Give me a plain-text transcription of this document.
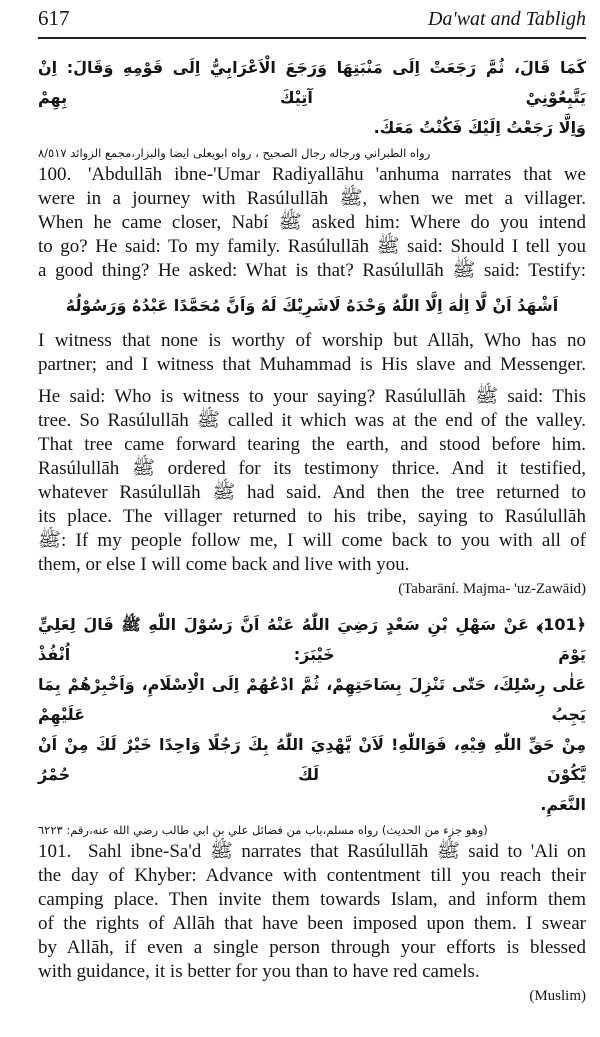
617	Da'wat and Tabligh
كَمَا قَالَ، ثُمَّ رَجَعَتْ اِلَى مَنْبَتِهَا وَرَجَعَ الْاَعْرَابِيُّ اِلَى قَوْمِهِ وَقَالَ: اِنْ يَتَّبِعُوْنِيْ آتِيْكَ بِهِمْ
وَاِلَّا رَجَعْتُ اِلَيْكَ فَكُنْتُ مَعَكَ.
رواه الطبراني ورجاله رجال الصحيح ، رواه ابويعلى ايضا والبزار،مجمع الزوائد ٨/٥١٧
100. 'Abdullāh ibne-'Umar Radiyallāhu 'anhuma narrates that we
were in a journey with Rasúlullāh ﷺ, when we met a villager.
When he came closer, Nabí ﷺ asked him: Where do you intend
to go? He said: To my family. Rasúlullāh ﷺ said: Should I tell you
a good thing? He asked: What is that? Rasúlullāh ﷺ said: Testify:
اَشْهَدُ اَنْ لَّا اِلٰهَ اِلَّا اللّٰهُ وَحْدَهُ لَاشَرِيْكَ لَهُ وَاَنَّ مُحَمَّدًا عَبْدُهُ وَرَسُوْلُهُ
I witness that none is worthy of worship but Allāh, Who has no
partner; and I witness that Muhammad is His slave and Messenger.
He said: Who is witness to your saying? Rasúlullāh ﷺ said: This
tree. So Rasúlullāh ﷺ called it which was at the end of the valley.
That tree came forward tearing the earth, and stood before him.
Rasúlullāh ﷺ ordered for its testimony thrice. And it testified,
whatever Rasúlullāh ﷺ had said. And then the tree returned to
its place. The villager returned to his tribe, saying to Rasúlullāh
ﷺ: If my people follow me, I will come back to you with all of
them, or else I will come back and live with you.
(Tabarāní. Majma- 'uz-Zawāid)
﴿101﴾ عَنْ سَهْلِ بْنِ سَعْدٍ رَضِيَ اللّٰهُ عَنْهُ اَنَّ رَسُوْلَ اللّٰهِ ﷺ قَالَ لِعَلِيٍّ يَوْمَ خَيْبَرَ: اُنْفُذْ
عَلٰى رِسْلِكَ، حَتّٰى تَنْزِلَ بِسَاحَتِهِمْ، ثُمَّ ادْعُهُمْ اِلَى الْاِسْلَامِ، وَاَخْبِرْهُمْ بِمَا يَجِبُ عَلَيْهِمْ
مِنْ حَقِّ اللّٰهِ فِيْهِ، فَوَاللّٰهِ! لَاَنْ يَّهْدِيَ اللّٰهُ بِكَ رَجُلًا وَاحِدًا خَيْرٌ لَكَ مِنْ اَنْ يَّكُوْنَ لَكَ حُمْرُ
النَّعَمِ.
(وهو جزء من الحديث) رواه مسلم،باب من فضائل علي بن ابي طالب رضي الله عنه،رقم: ٦٢٢٣
101. Sahl ibne-Sa'd ﷺ narrates that Rasúlullāh ﷺ said to 'Ali on
the day of Khyber: Advance with contentment till you reach their
camping place. Then invite them towards Islam, and inform them
of the rights of Allāh that have been imposed upon them. I swear
by Allāh, if even a single person through your efforts is blessed
with guidance, it is better for you than to have red camels.
(Muslim)
